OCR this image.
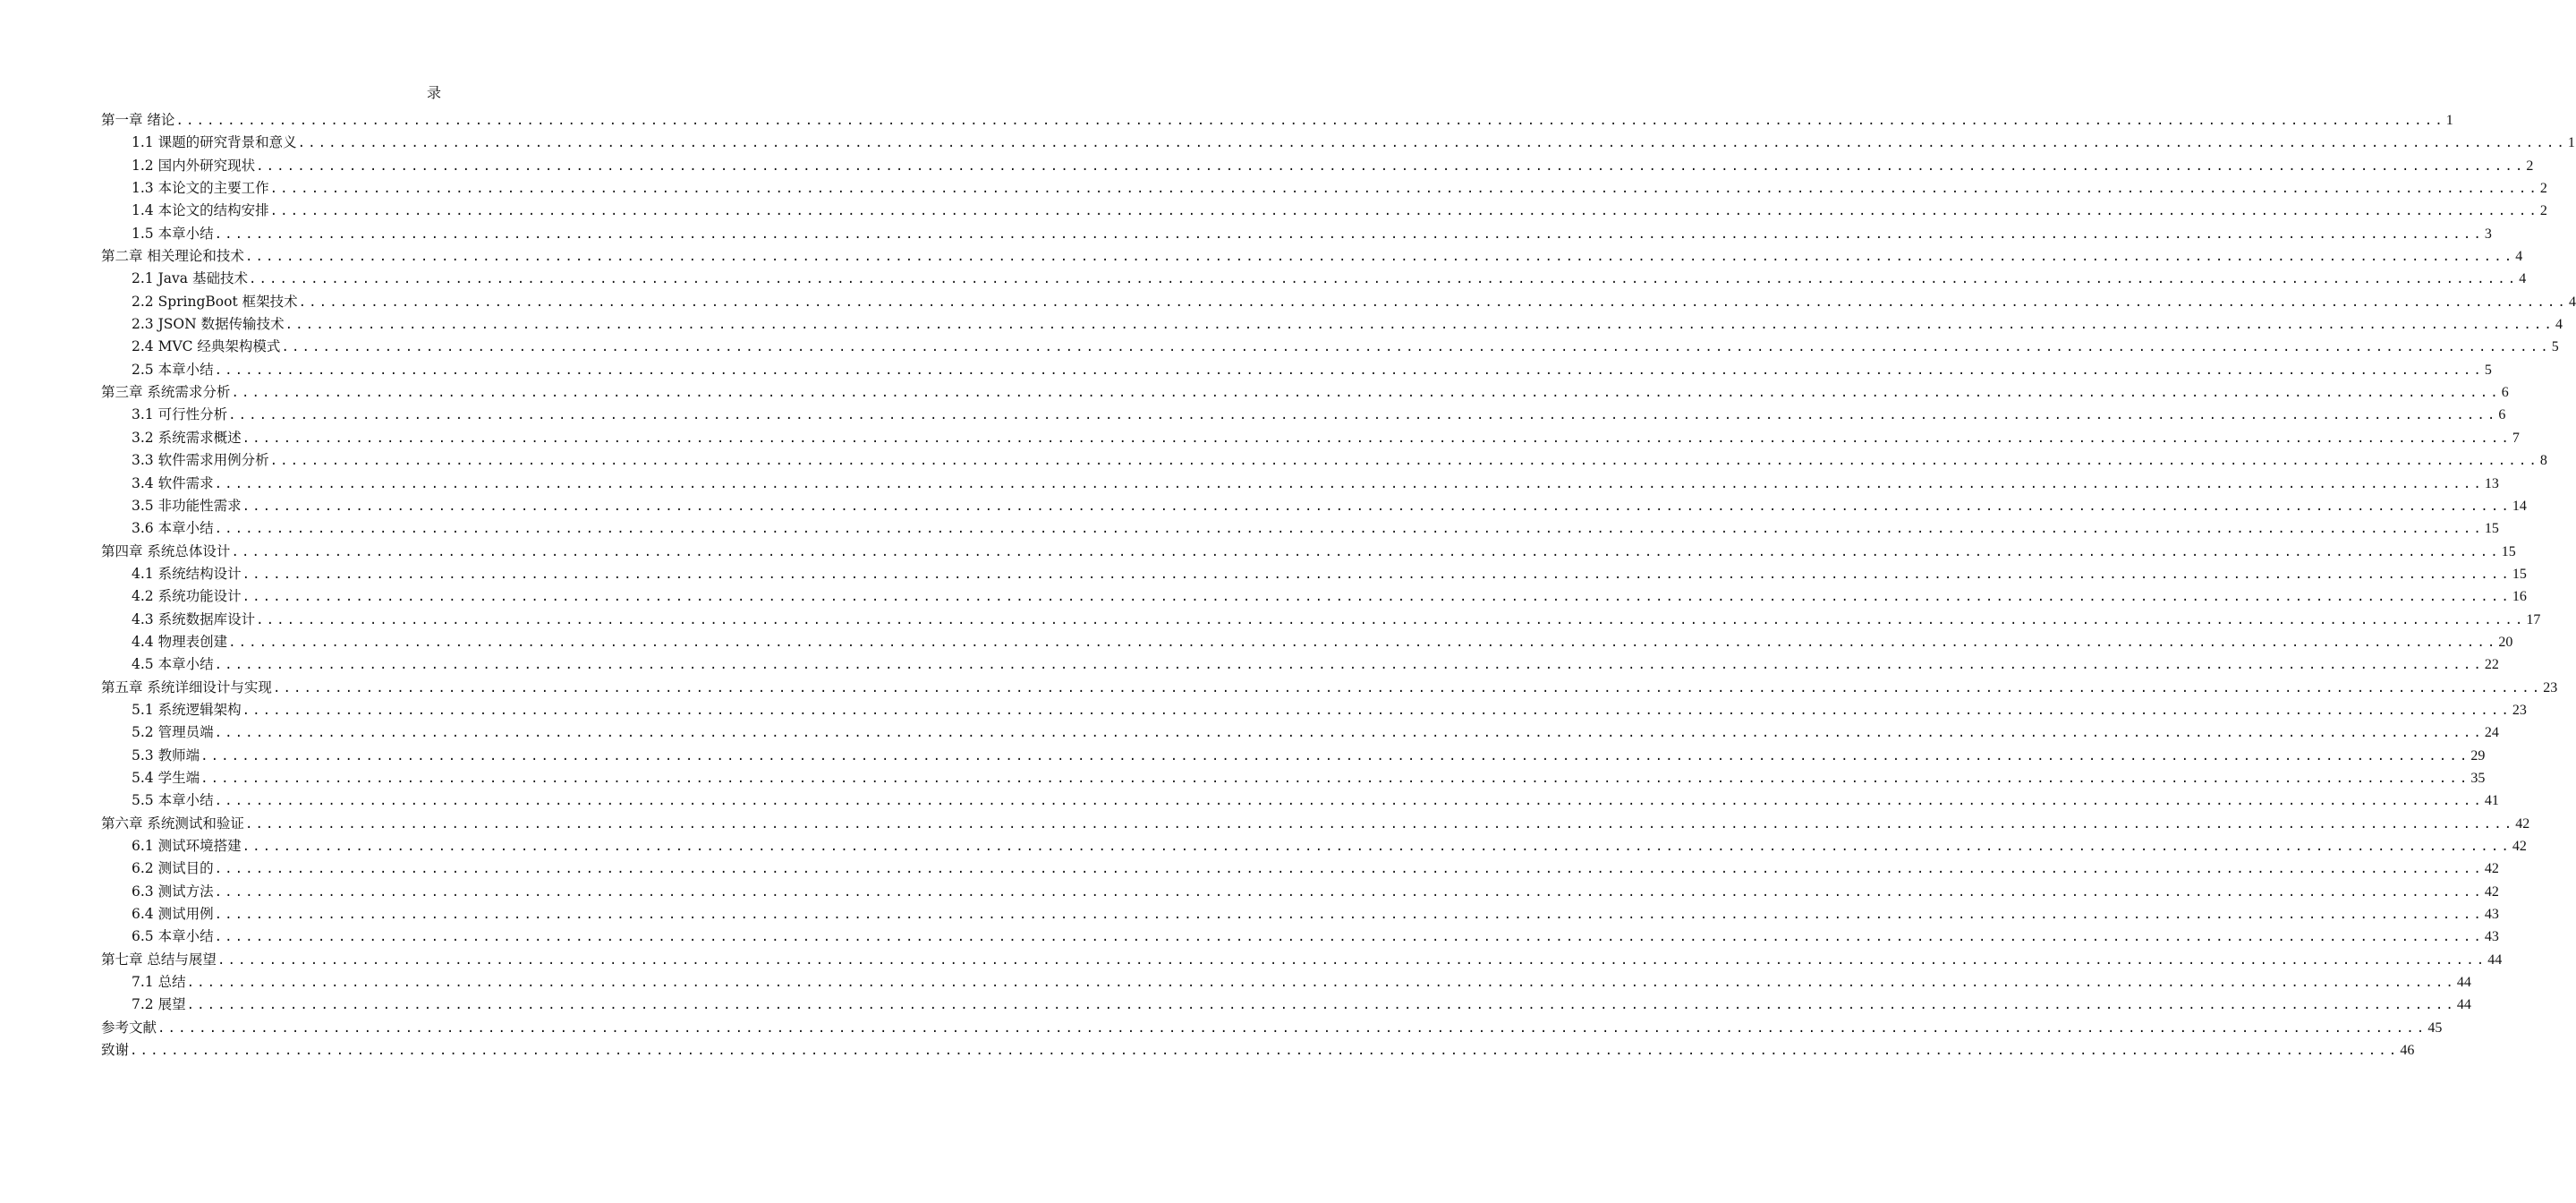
录
第一章 绪论 ............................................................................................................................................................................................................................ 1
1.1 课题的研究背景和意义 ............................................................................................................................................................................................................................ 1
1.2 国内外研究现状 ............................................................................................................................................................................................................................ 2
1.3 本论文的主要工作 ............................................................................................................................................................................................................................ 2
1.4 本论文的结构安排 ............................................................................................................................................................................................................................ 2
1.5 本章小结 ............................................................................................................................................................................................................................ 3
第二章 相关理论和技术 ............................................................................................................................................................................................................................ 4
2.1 Java 基础技术 ............................................................................................................................................................................................................................ 4
2.2 SpringBoot 框架技术 ............................................................................................................................................................................................................................ 4
2.3 JSON 数据传输技术 ............................................................................................................................................................................................................................ 4
2.4 MVC 经典架构模式 ............................................................................................................................................................................................................................ 5
2.5 本章小结 ............................................................................................................................................................................................................................ 5
第三章 系统需求分析 ............................................................................................................................................................................................................................ 6
3.1 可行性分析 ............................................................................................................................................................................................................................ 6
3.2 系统需求概述 ............................................................................................................................................................................................................................ 7
3.3 软件需求用例分析 ............................................................................................................................................................................................................................ 8
3.4 软件需求 ............................................................................................................................................................................................................................ 13
3.5 非功能性需求 ............................................................................................................................................................................................................................ 14
3.6 本章小结 ............................................................................................................................................................................................................................ 15
第四章 系统总体设计 ............................................................................................................................................................................................................................ 15
4.1 系统结构设计 ............................................................................................................................................................................................................................ 15
4.2 系统功能设计 ............................................................................................................................................................................................................................ 16
4.3 系统数据库设计 ............................................................................................................................................................................................................................ 17
4.4 物理表创建 ............................................................................................................................................................................................................................ 20
4.5 本章小结 ............................................................................................................................................................................................................................ 22
第五章 系统详细设计与实现 ............................................................................................................................................................................................................................ 23
5.1 系统逻辑架构 ............................................................................................................................................................................................................................ 23
5.2 管理员端 ............................................................................................................................................................................................................................ 24
5.3 教师端 ............................................................................................................................................................................................................................ 29
5.4 学生端 ............................................................................................................................................................................................................................ 35
5.5 本章小结 ............................................................................................................................................................................................................................ 41
第六章 系统测试和验证 ............................................................................................................................................................................................................................ 42
6.1 测试环境搭建 ............................................................................................................................................................................................................................ 42
6.2 测试目的 ............................................................................................................................................................................................................................ 42
6.3 测试方法 ............................................................................................................................................................................................................................ 42
6.4 测试用例 ............................................................................................................................................................................................................................ 43
6.5 本章小结 ............................................................................................................................................................................................................................ 43
第七章 总结与展望 ............................................................................................................................................................................................................................ 44
7.1 总结 ............................................................................................................................................................................................................................ 44
7.2 展望 ............................................................................................................................................................................................................................ 44
参考文献 ............................................................................................................................................................................................................................ 45
致谢 ............................................................................................................................................................................................................................ 46
